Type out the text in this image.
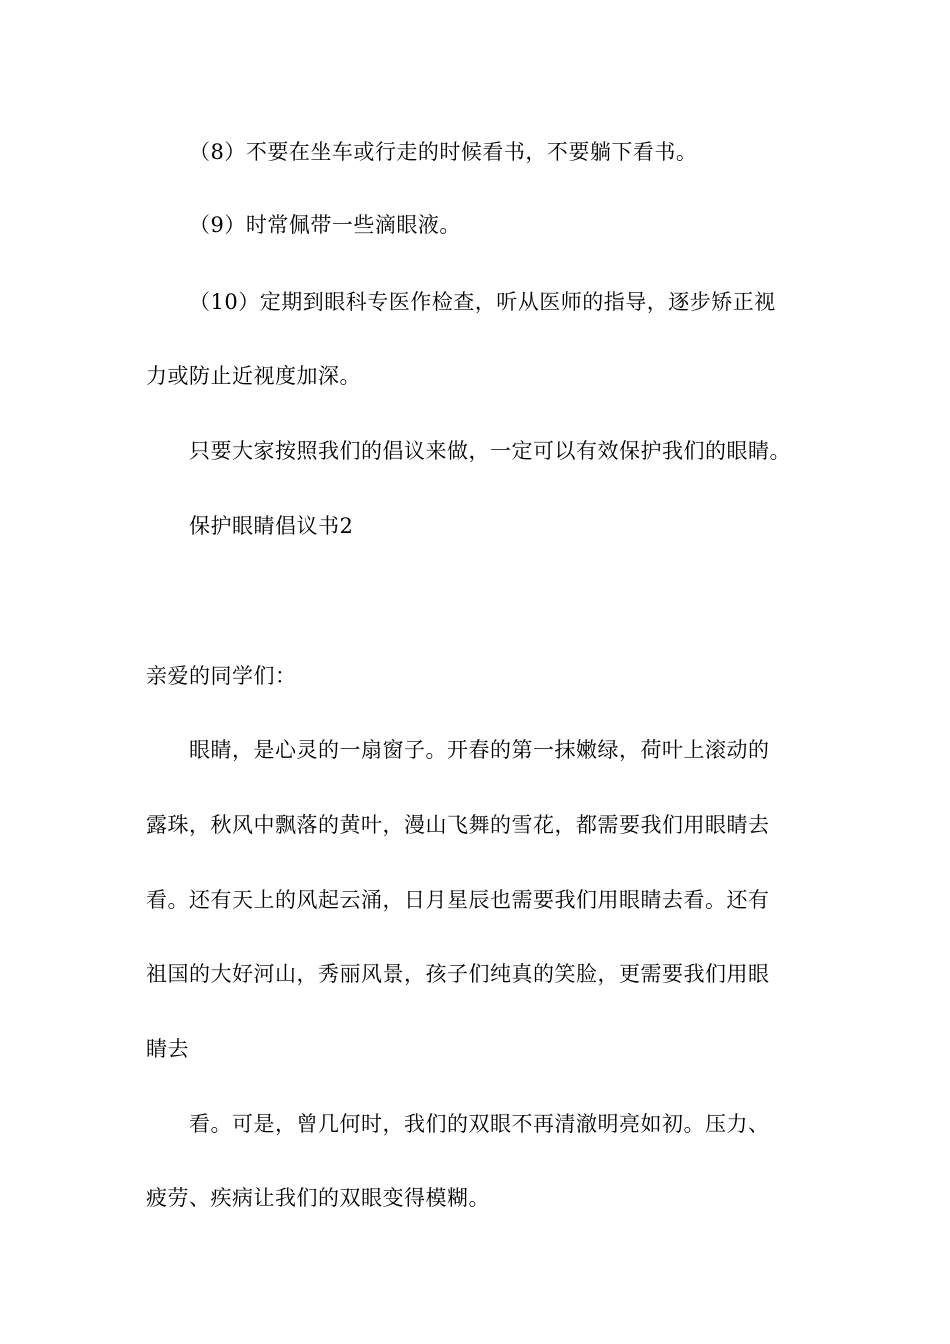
（8）不要在坐车或行走的时候看书，不要躺下看书。
（9）时常佩带一些滴眼液。
（10）定期到眼科专医作检查，听从医师的指导，逐步矫正视
力或防止近视度加深。
只要大家按照我们的倡议来做，一定可以有效保护我们的眼睛。
保护眼睛倡议书2
亲爱的同学们：
眼睛，是心灵的一扇窗子。开春的第一抹嫩绿，荷叶上滚动的
露珠，秋风中飘落的黄叶，漫山飞舞的雪花，都需要我们用眼睛去
看。还有天上的风起云涌，日月星辰也需要我们用眼睛去看。还有
祖国的大好河山，秀丽风景，孩子们纯真的笑脸，更需要我们用眼
睛去
看。可是，曾几何时，我们的双眼不再清澈明亮如初。压力、
疲劳、疾病让我们的双眼变得模糊。
